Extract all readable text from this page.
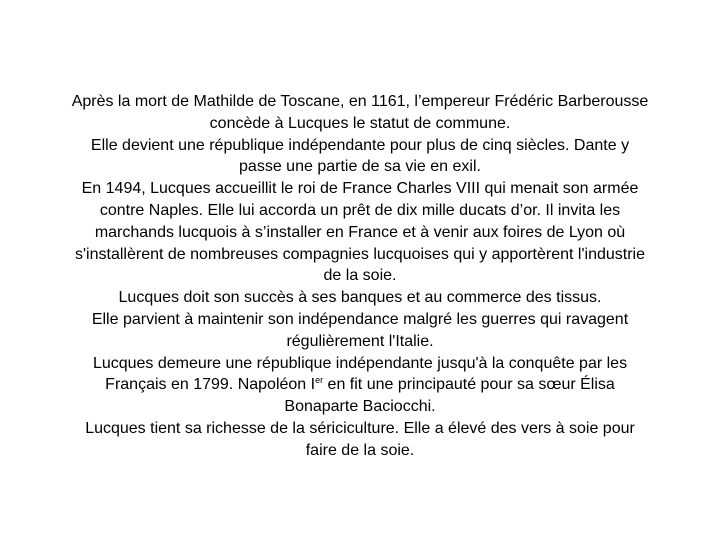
Après la mort de Mathilde de Toscane, en 1161, l’empereur Frédéric Barberousse concède à Lucques le statut de commune.

Elle devient une république indépendante pour plus de cinq siècles. Dante y passe une partie de sa vie en exil.

En 1494, Lucques accueillit le roi de France Charles VIII qui menait son armée contre Naples. Elle lui accorda un prêt de dix mille ducats d’or. Il invita les marchands lucquois à s’installer en France et à venir aux foires de Lyon où s'installèrent de nombreuses compagnies lucquoises qui y apportèrent l'industrie de la soie.

Lucques doit son succès à ses banques et au commerce des tissus.

Elle parvient à maintenir son indépendance malgré les guerres qui ravagent régulièrement l'Italie.

Lucques demeure une république indépendante jusqu'à la conquête par les Français en 1799. Napoléon Ier en fit une principauté pour sa sœur Élisa Bonaparte Baciocchi.

Lucques tient sa richesse de la sériciculture. Elle a élevé des vers à soie pour faire de la soie.
